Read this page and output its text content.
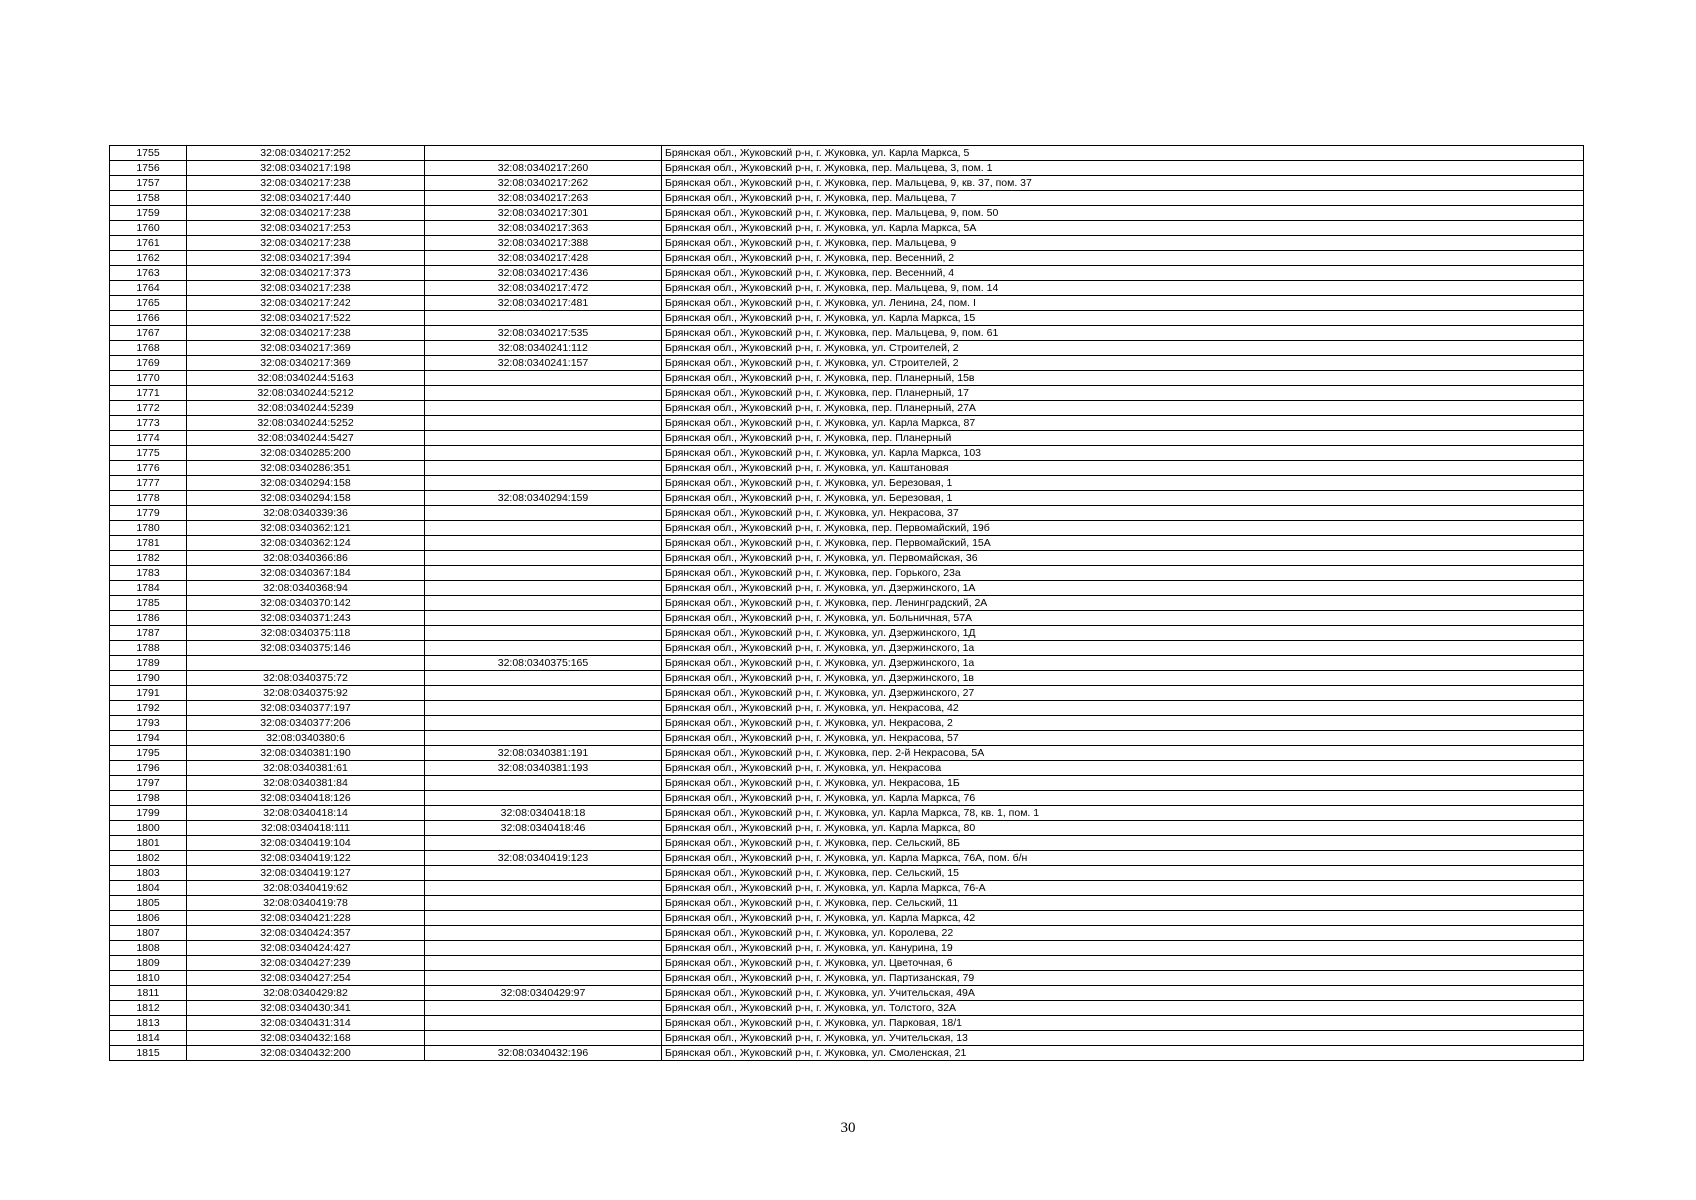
1755	32:08:0340217:252		Брянская обл., Жуковский р-н, г. Жуковка, ул. Карла Маркса, 5
1756	32:08:0340217:198	32:08:0340217:260	Брянская обл., Жуковский р-н, г. Жуковка, пер. Мальцева, 3, пом. 1
1757	32:08:0340217:238	32:08:0340217:262	Брянская обл., Жуковский р-н, г. Жуковка, пер. Мальцева, 9, кв. 37, пом. 37
1758	32:08:0340217:440	32:08:0340217:263	Брянская обл., Жуковский р-н, г. Жуковка, пер. Мальцева, 7
1759	32:08:0340217:238	32:08:0340217:301	Брянская обл., Жуковский р-н, г. Жуковка, пер. Мальцева, 9, пом. 50
1760	32:08:0340217:253	32:08:0340217:363	Брянская обл., Жуковский р-н, г. Жуковка, ул. Карла Маркса, 5А
1761	32:08:0340217:238	32:08:0340217:388	Брянская обл., Жуковский р-н, г. Жуковка, пер. Мальцева, 9
1762	32:08:0340217:394	32:08:0340217:428	Брянская обл., Жуковский р-н, г. Жуковка, пер. Весенний, 2
1763	32:08:0340217:373	32:08:0340217:436	Брянская обл., Жуковский р-н, г. Жуковка, пер. Весенний, 4
1764	32:08:0340217:238	32:08:0340217:472	Брянская обл., Жуковский р-н, г. Жуковка, пер. Мальцева, 9, пом. 14
1765	32:08:0340217:242	32:08:0340217:481	Брянская обл., Жуковский р-н, г. Жуковка, ул. Ленина, 24, пом. I
1766	32:08:0340217:522		Брянская обл., Жуковский р-н, г. Жуковка, ул. Карла Маркса, 15
1767	32:08:0340217:238	32:08:0340217:535	Брянская обл., Жуковский р-н, г. Жуковка, пер. Мальцева, 9, пом. 61
1768	32:08:0340217:369	32:08:0340241:112	Брянская обл., Жуковский р-н, г. Жуковка, ул. Строителей, 2
1769	32:08:0340217:369	32:08:0340241:157	Брянская обл., Жуковский р-н, г. Жуковка, ул. Строителей, 2
1770	32:08:0340244:5163		Брянская обл., Жуковский р-н, г. Жуковка, пер. Планерный, 15в
1771	32:08:0340244:5212		Брянская обл., Жуковский р-н, г. Жуковка, пер. Планерный, 17
1772	32:08:0340244:5239		Брянская обл., Жуковский р-н, г. Жуковка, пер. Планерный, 27А
1773	32:08:0340244:5252		Брянская обл., Жуковский р-н, г. Жуковка, ул. Карла Маркса, 87
1774	32:08:0340244:5427		Брянская обл., Жуковский р-н, г. Жуковка, пер. Планерный
1775	32:08:0340285:200		Брянская обл., Жуковский р-н, г. Жуковка, ул. Карла Маркса, 103
1776	32:08:0340286:351		Брянская обл., Жуковский р-н, г. Жуковка, ул. Каштановая
1777	32:08:0340294:158		Брянская обл., Жуковский р-н, г. Жуковка, ул. Березовая, 1
1778	32:08:0340294:158	32:08:0340294:159	Брянская обл., Жуковский р-н, г. Жуковка, ул. Березовая, 1
1779	32:08:0340339:36		Брянская обл., Жуковский р-н, г. Жуковка, ул. Некрасова, 37
1780	32:08:0340362:121		Брянская обл., Жуковский р-н, г. Жуковка, пер. Первомайский, 19б
1781	32:08:0340362:124		Брянская обл., Жуковский р-н, г. Жуковка, пер. Первомайский, 15А
1782	32:08:0340366:86		Брянская обл., Жуковский р-н, г. Жуковка, ул. Первомайская, 36
1783	32:08:0340367:184		Брянская обл., Жуковский р-н, г. Жуковка, пер. Горького, 23а
1784	32:08:0340368:94		Брянская обл., Жуковский р-н, г. Жуковка, ул. Дзержинского, 1А
1785	32:08:0340370:142		Брянская обл., Жуковский р-н, г. Жуковка, пер. Ленинградский, 2А
1786	32:08:0340371:243		Брянская обл., Жуковский р-н, г. Жуковка, ул. Больничная, 57А
1787	32:08:0340375:118		Брянская обл., Жуковский р-н, г. Жуковка, ул. Дзержинского, 1Д
1788	32:08:0340375:146		Брянская обл., Жуковский р-н, г. Жуковка, ул. Дзержинского, 1а
1789		32:08:0340375:165	Брянская обл., Жуковский р-н, г. Жуковка, ул. Дзержинского, 1а
1790	32:08:0340375:72		Брянская обл., Жуковский р-н, г. Жуковка, ул. Дзержинского, 1в
1791	32:08:0340375:92		Брянская обл., Жуковский р-н, г. Жуковка, ул. Дзержинского, 27
1792	32:08:0340377:197		Брянская обл., Жуковский р-н, г. Жуковка, ул. Некрасова, 42
1793	32:08:0340377:206		Брянская обл., Жуковский р-н, г. Жуковка, ул. Некрасова, 2
1794	32:08:0340380:6		Брянская обл., Жуковский р-н, г. Жуковка, ул. Некрасова, 57
1795	32:08:0340381:190	32:08:0340381:191	Брянская обл., Жуковский р-н, г. Жуковка, пер. 2-й Некрасова, 5А
1796	32:08:0340381:61	32:08:0340381:193	Брянская обл., Жуковский р-н, г. Жуковка, ул. Некрасова
1797	32:08:0340381:84		Брянская обл., Жуковский р-н, г. Жуковка, ул. Некрасова, 1Б
1798	32:08:0340418:126		Брянская обл., Жуковский р-н, г. Жуковка, ул. Карла Маркса, 76
1799	32:08:0340418:14	32:08:0340418:18	Брянская обл., Жуковский р-н, г. Жуковка, ул. Карла Маркса, 78, кв. 1, пом. 1
1800	32:08:0340418:111	32:08:0340418:46	Брянская обл., Жуковский р-н, г. Жуковка, ул. Карла Маркса, 80
1801	32:08:0340419:104		Брянская обл., Жуковский р-н, г. Жуковка, пер. Сельский, 8Б
1802	32:08:0340419:122	32:08:0340419:123	Брянская обл., Жуковский р-н, г. Жуковка, ул. Карла Маркса, 76А, пом. б/н
1803	32:08:0340419:127		Брянская обл., Жуковский р-н, г. Жуковка, пер. Сельский, 15
1804	32:08:0340419:62		Брянская обл., Жуковский р-н, г. Жуковка, ул. Карла Маркса, 76-А
1805	32:08:0340419:78		Брянская обл., Жуковский р-н, г. Жуковка, пер. Сельский, 11
1806	32:08:0340421:228		Брянская обл., Жуковский р-н, г. Жуковка, ул. Карла Маркса, 42
1807	32:08:0340424:357		Брянская обл., Жуковский р-н, г. Жуковка, ул. Королева, 22
1808	32:08:0340424:427		Брянская обл., Жуковский р-н, г. Жуковка, ул. Канурина, 19
1809	32:08:0340427:239		Брянская обл., Жуковский р-н, г. Жуковка, ул. Цветочная, 6
1810	32:08:0340427:254		Брянская обл., Жуковский р-н, г. Жуковка, ул. Партизанская, 79
1811	32:08:0340429:82	32:08:0340429:97	Брянская обл., Жуковский р-н, г. Жуковка, ул. Учительская, 49А
1812	32:08:0340430:341		Брянская обл., Жуковский р-н, г. Жуковка, ул. Толстого, 32А
1813	32:08:0340431:314		Брянская обл., Жуковский р-н, г. Жуковка, ул. Парковая, 18/1
1814	32:08:0340432:168		Брянская обл., Жуковский р-н, г. Жуковка, ул. Учительская, 13
1815	32:08:0340432:200	32:08:0340432:196	Брянская обл., Жуковский р-н, г. Жуковка, ул. Смоленская, 21
30
